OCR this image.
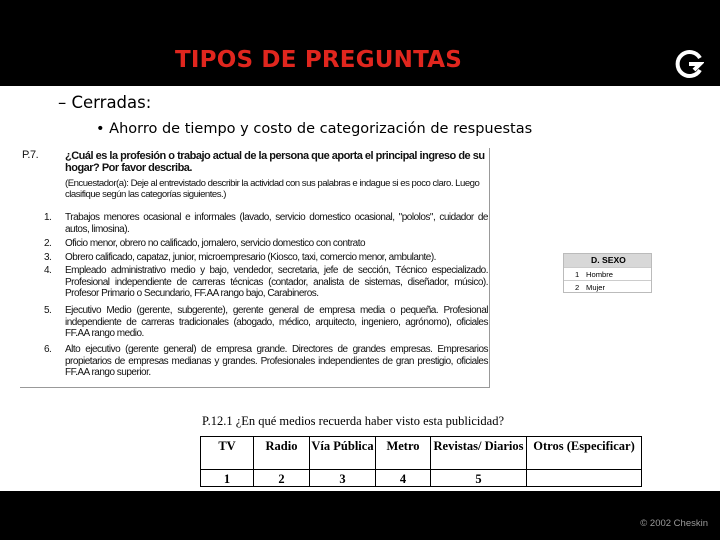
TIPOS DE PREGUNTAS
– Cerradas:
• Ahorro de tiempo y costo de categorización de respuestas
P.7. ¿Cuál es la profesión o trabajo actual de la persona que aporta el principal ingreso de su hogar? Por favor describa.
(Encuestador(a): Deje al entrevistado describir la actividad con sus palabras e indague si es poco claro. Luego clasifique según las categorías siguientes.)
1.	Trabajos menores ocasional e informales (lavado, servicio domestico ocasional, "pololos", cuidador de autos, limosina).
2.	Oficio menor, obrero no calificado, jornalero, servicio domestico con contrato
3.	Obrero calificado, capataz, junior, microempresario (Kiosco, taxi, comercio menor, ambulante).
4.	Empleado administrativo medio y bajo, vendedor, secretaria, jefe de sección, Técnico especializado. Profesional independiente de carreras técnicas (contador, analista de sistemas, diseñador, músico). Profesor Primario o Secundario, FF.AA rango bajo, Carabineros.
5.	Ejecutivo Medio (gerente, subgerente), gerente general de empresa media o pequeña. Profesional independiente de carreras tradicionales (abogado, médico, arquitecto, ingeniero, agrónomo), oficiales FF.AA rango medio.
6.	Alto ejecutivo (gerente general) de empresa grande. Directores de grandes empresas. Empresarios propietarios de empresas medianas y grandes. Profesionales independientes de gran prestigio, oficiales FF.AA rango superior.
D. SEXO
1 Hombre
2 Mujer
P.12.1 ¿En qué medios recuerda haber visto esta publicidad?
TV	Radio	Vía Pública	Metro	Revistas/ Diarios	Otros (Especificar)
1	2	3	4	5	
© 2002 Cheskin
